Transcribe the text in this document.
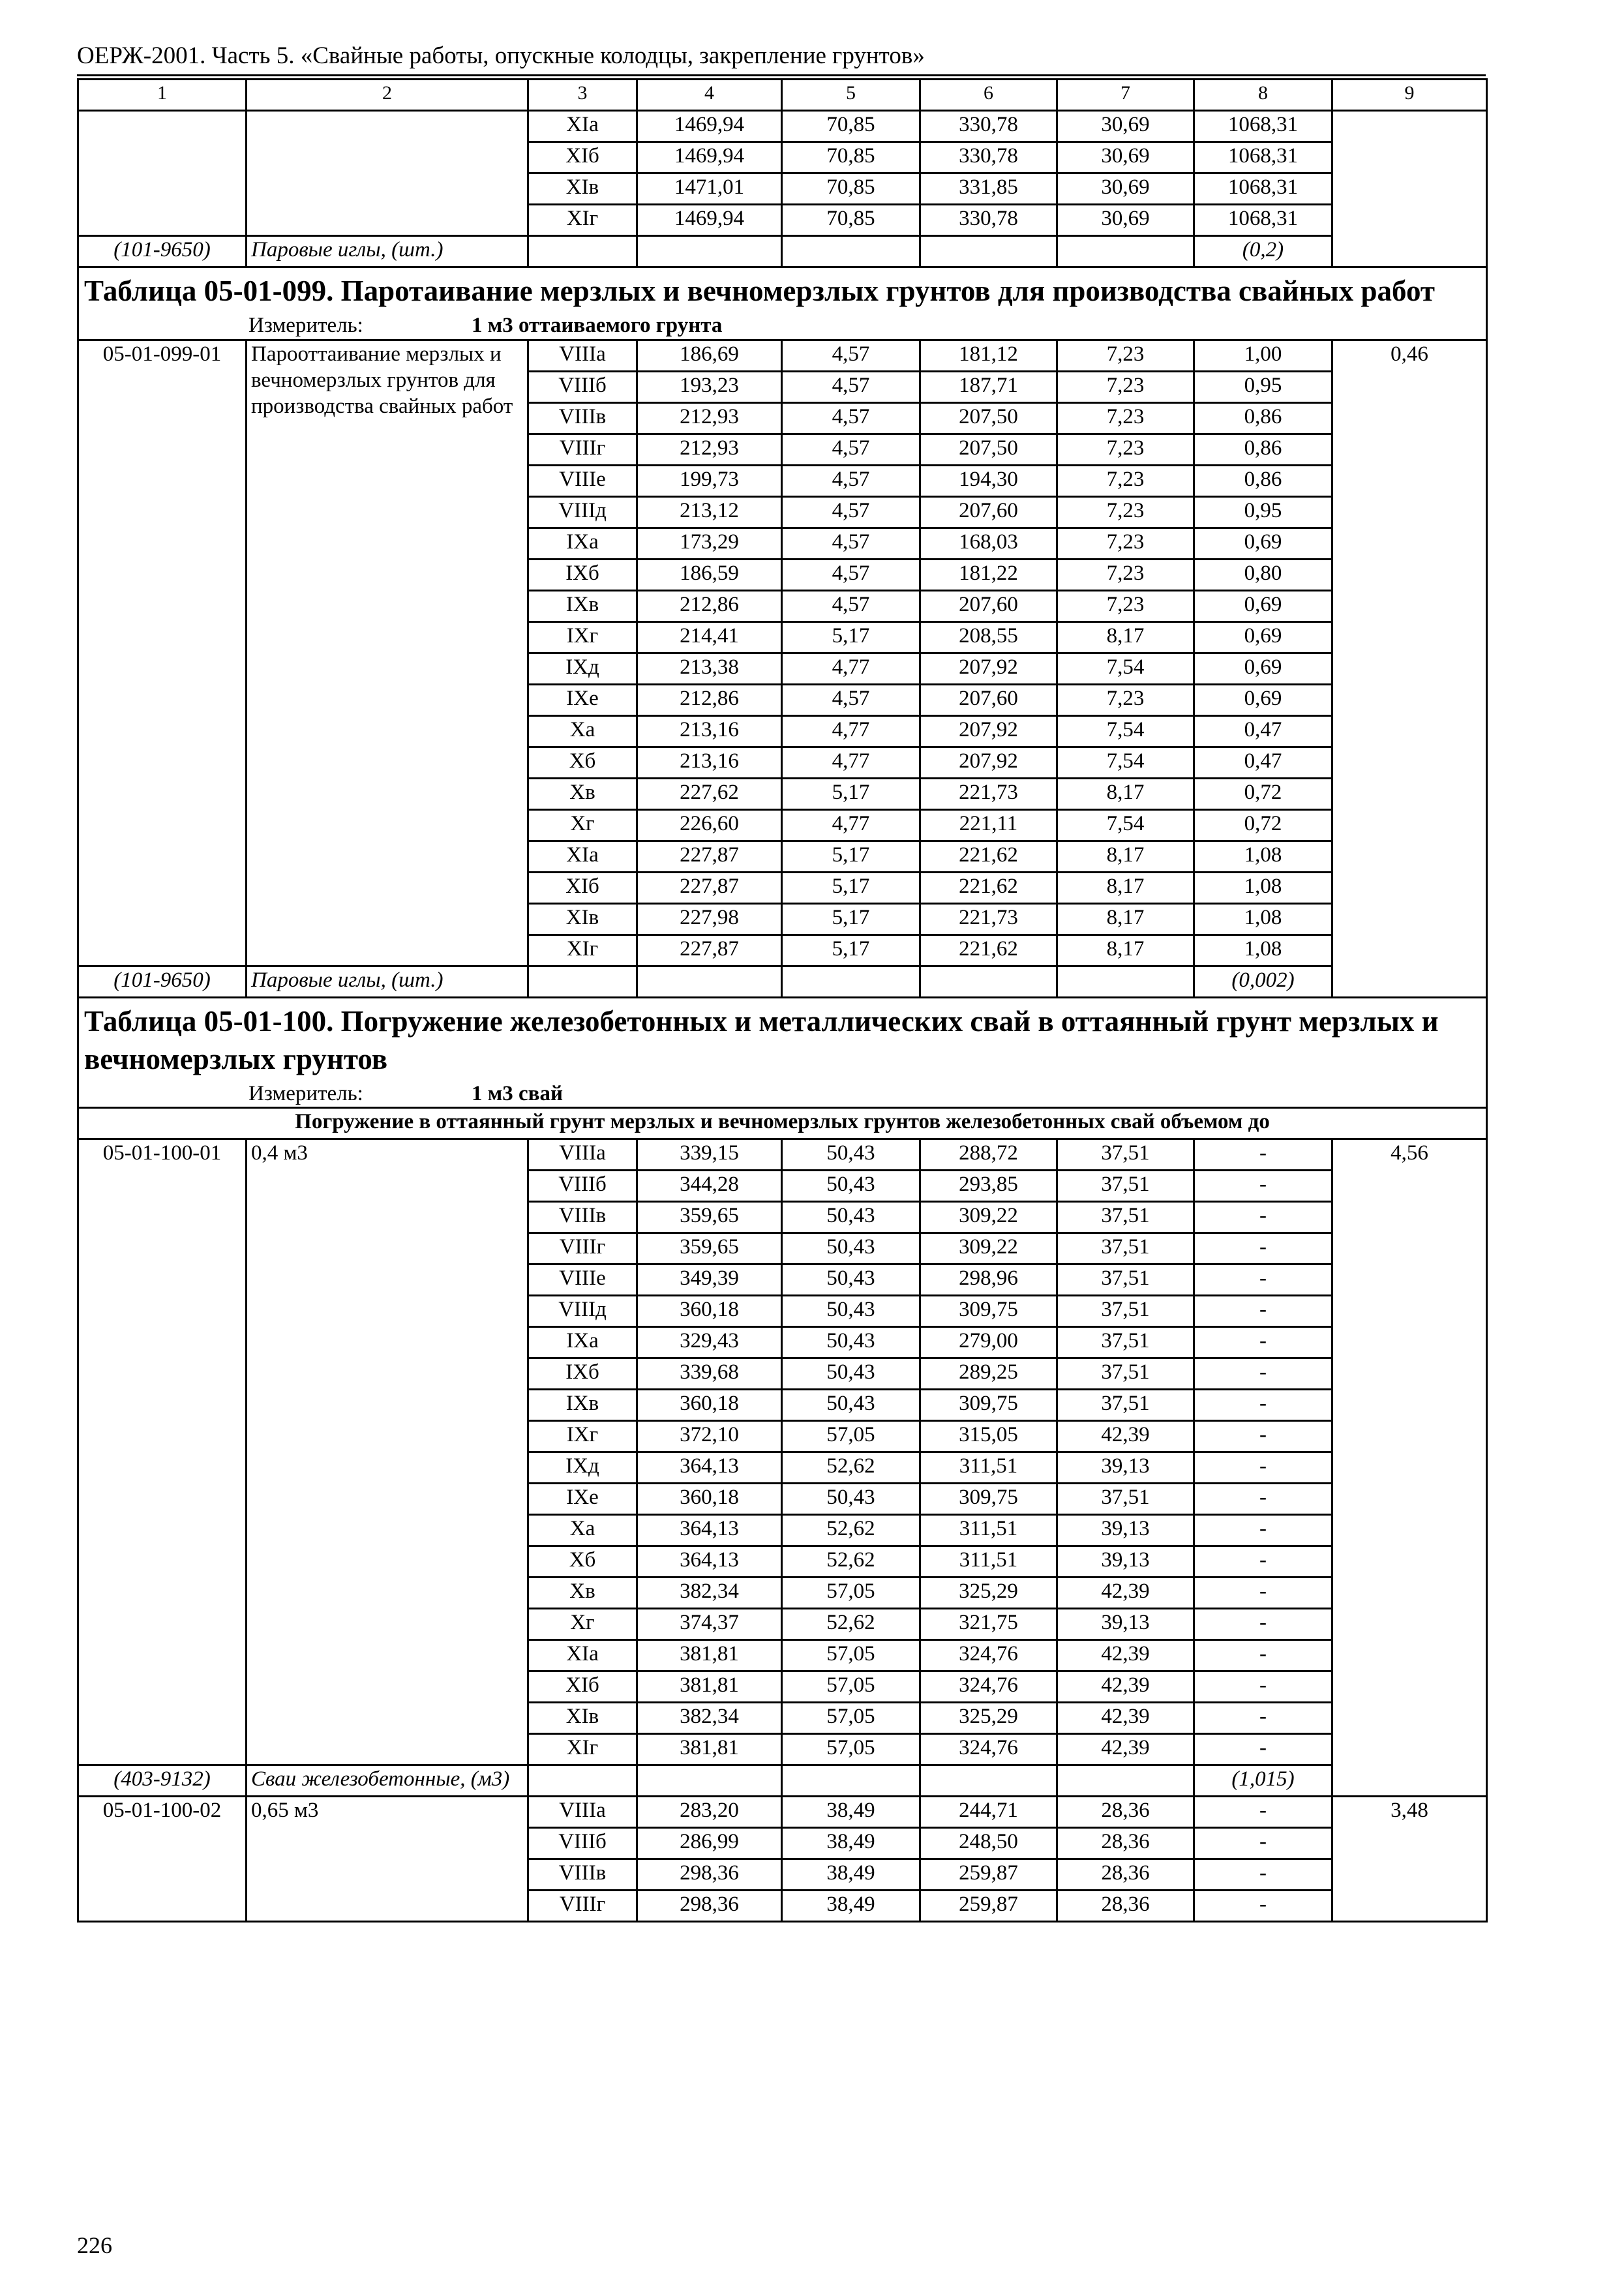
ОЕРЖ-2001. Часть 5. «Свайные работы, опускные колодцы, закрепление грунтов»
1	2	3	4	5	6	7	8	9
		XIa	1469,94	70,85	330,78	30,69	1068,31	
		XIб	1469,94	70,85	330,78	30,69	1068,31	
		XIв	1471,01	70,85	331,85	30,69	1068,31	
		XIг	1469,94	70,85	330,78	30,69	1068,31	
(101-9650)	Паровые иглы, (шт.)						(0,2)	
Таблица 05-01-099. Паротаивание мерзлых и вечномерзлых грунтов для производства свайных работ								
Измеритель: 1 м3 оттаиваемого грунта								
05-01-099-01	Парооттаивание мерзлых и вечномерзлых грунтов для производства свайных работ	VIIIa	186,69	4,57	181,12	7,23	1,00	0,46
		VIIIб	193,23	4,57	187,71	7,23	0,95	
		VIIIв	212,93	4,57	207,50	7,23	0,86	
		VIIIг	212,93	4,57	207,50	7,23	0,86	
		VIIIe	199,73	4,57	194,30	7,23	0,86	
		VIIIд	213,12	4,57	207,60	7,23	0,95	
		IXa	173,29	4,57	168,03	7,23	0,69	
		IXб	186,59	4,57	181,22	7,23	0,80	
		IXв	212,86	4,57	207,60	7,23	0,69	
		IXг	214,41	5,17	208,55	8,17	0,69	
		IXд	213,38	4,77	207,92	7,54	0,69	
		IXe	212,86	4,57	207,60	7,23	0,69	
		Xa	213,16	4,77	207,92	7,54	0,47	
		Xб	213,16	4,77	207,92	7,54	0,47	
		Xв	227,62	5,17	221,73	8,17	0,72	
		Xг	226,60	4,77	221,11	7,54	0,72	
		XIa	227,87	5,17	221,62	8,17	1,08	
		XIб	227,87	5,17	221,62	8,17	1,08	
		XIв	227,98	5,17	221,73	8,17	1,08	
		XIг	227,87	5,17	221,62	8,17	1,08	
(101-9650)	Паровые иглы, (шт.)						(0,002)	
Таблица 05-01-100. Погружение железобетонных и металлических свай в оттаянный грунт мерзлых и вечномерзлых грунтов								
Измеритель: 1 м3 свай								
Погружение в оттаянный грунт мерзлых и вечномерзлых грунтов железобетонных свай объемом до								
05-01-100-01	0,4 м3	VIIIa	339,15	50,43	288,72	37,51	-	4,56
		VIIIб	344,28	50,43	293,85	37,51	-	
		VIIIв	359,65	50,43	309,22	37,51	-	
		VIIIг	359,65	50,43	309,22	37,51	-	
		VIIIe	349,39	50,43	298,96	37,51	-	
		VIIIд	360,18	50,43	309,75	37,51	-	
		IXa	329,43	50,43	279,00	37,51	-	
		IXб	339,68	50,43	289,25	37,51	-	
		IXв	360,18	50,43	309,75	37,51	-	
		IXг	372,10	57,05	315,05	42,39	-	
		IXд	364,13	52,62	311,51	39,13	-	
		IXe	360,18	50,43	309,75	37,51	-	
		Xa	364,13	52,62	311,51	39,13	-	
		Xб	364,13	52,62	311,51	39,13	-	
		Xв	382,34	57,05	325,29	42,39	-	
		Xг	374,37	52,62	321,75	39,13	-	
		XIa	381,81	57,05	324,76	42,39	-	
		XIб	381,81	57,05	324,76	42,39	-	
		XIв	382,34	57,05	325,29	42,39	-	
		XIг	381,81	57,05	324,76	42,39	-	
(403-9132)	Сваи железобетонные, (м3)						(1,015)	
05-01-100-02	0,65 м3	VIIIa	283,20	38,49	244,71	28,36	-	3,48
		VIIIб	286,99	38,49	248,50	28,36	-	
		VIIIв	298,36	38,49	259,87	28,36	-	
		VIIIг	298,36	38,49	259,87	28,36	-	
226
